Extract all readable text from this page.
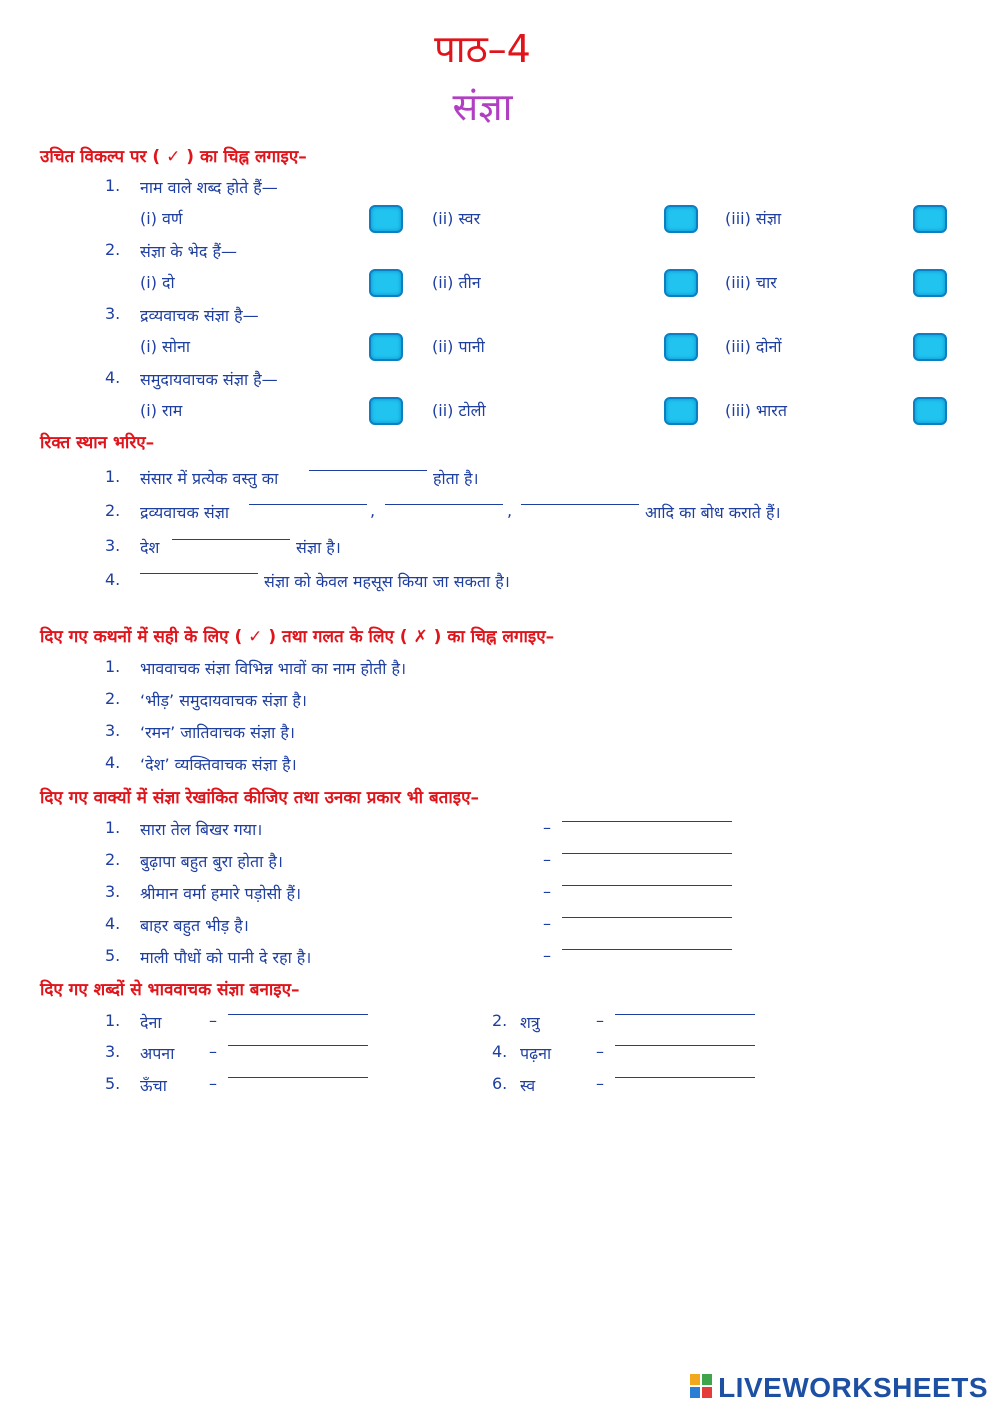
पाठ–4
संज्ञा
उचित विकल्प पर ( ✓ ) का चिह्न लगाइए–
1. नाम वाले शब्द होते हैं—
(i) वर्ण	(ii) स्वर	(iii) संज्ञा
2. संज्ञा के भेद हैं—
(i) दो	(ii) तीन	(iii) चार
3. द्रव्यवाचक संज्ञा है—
(i) सोना	(ii) पानी	(iii) दोनों
4. समुदायवाचक संज्ञा है—
(i) राम	(ii) टोली	(iii) भारत
रिक्त स्थान भरिए–
1. संसार में प्रत्येक वस्तु का	होता है।
2. द्रव्यवाचक संज्ञा	,	,	आदि का बोध कराते हैं।
3. देश	संज्ञा है।
4.	संज्ञा को केवल महसूस किया जा सकता है।
दिए गए कथनों में सही के लिए ( ✓ ) तथा गलत के लिए ( ✗ ) का चिह्न लगाइए–
1. भाववाचक संज्ञा विभिन्न भावों का नाम होती है।
2. ‘भीड़’ समुदायवाचक संज्ञा है।
3. ‘रमन’ जातिवाचक संज्ञा है।
4. ‘देश’ व्यक्तिवाचक संज्ञा है।
दिए गए वाक्यों में संज्ञा रेखांकित कीजिए तथा उनका प्रकार भी बताइए–
1. सारा तेल बिखर गया।	–
2. बुढ़ापा बहुत बुरा होता है।	–
3. श्रीमान वर्मा हमारे पड़ोसी हैं।	–
4. बाहर बहुत भीड़ है।	–
5. माली पौधों को पानी दे रहा है।	–
दिए गए शब्दों से भाववाचक संज्ञा बनाइए–
1. देना	–	2. शत्रु	–
3. अपना –	4. पढ़ना	–
5. ऊँचा	–	6. स्व	–
LIVEWORKSHEETS
